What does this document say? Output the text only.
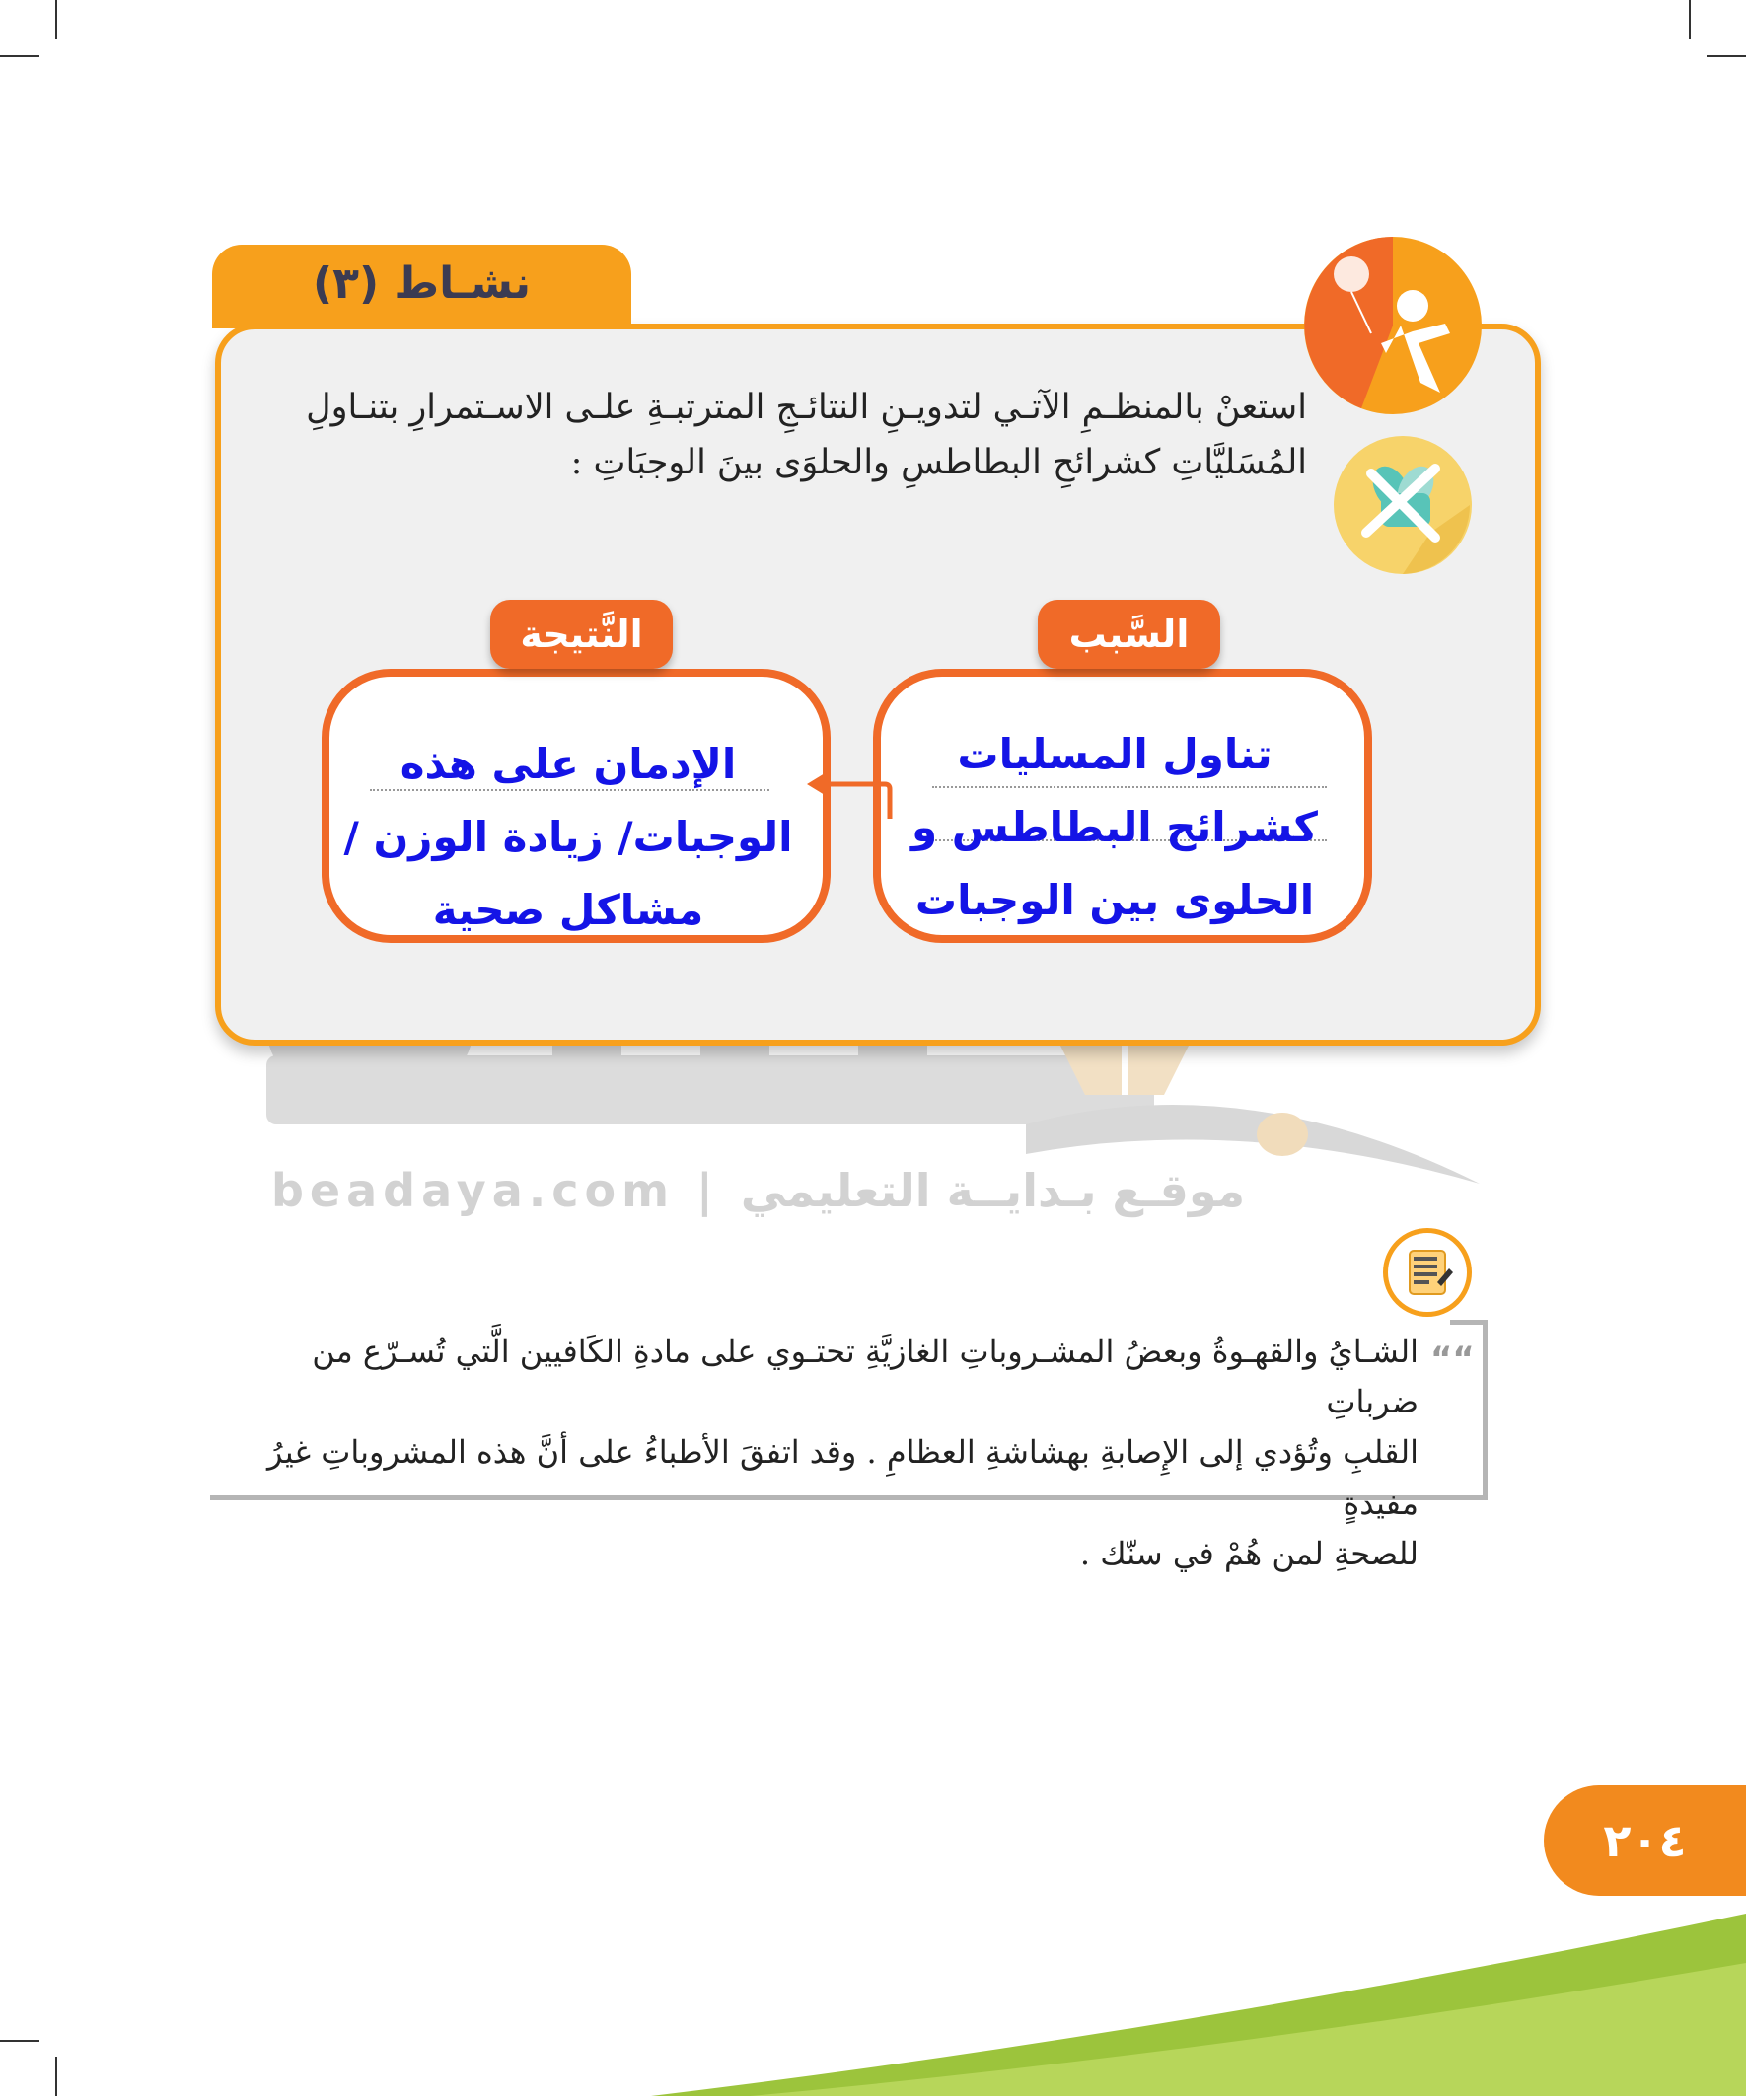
beadaya.com | موقـع بـدايــة التعليمي
نشـاط (٣)
استعنْ بالمنظـمِ الآتـي لتدويـنِ النتائـجِ المترتبـةِ علـى الاسـتمرارِ بتنـاولِ
المُسَليَّاتِ كشرائحِ البطاطسِ والحلوَى بينَ الوجبَاتِ :
السَّبب
تناول المسليات
كشرائح البطاطس و
الحلوى بين الوجبات
النَّتيجة
الإدمان على هذه
الوجبات/ زيادة الوزن /
مشاكل صحية
““
الشـايُ والقهـوةُ وبعضُ المشـروباتِ الغازيَّةِ تحتـوي على مادةِ الكَافيين الَّتي تُسـرّع من ضرباتِ
القلبِ وتُؤدي إلى الإِصابةِ بهشاشةِ العظامِ . وقد اتفقَ الأطباءُ على أنَّ هذه المشروباتِ غيرُ مفيدةٍ
للصحةِ لمن هُمْ في سنّك .
٢٠٤
